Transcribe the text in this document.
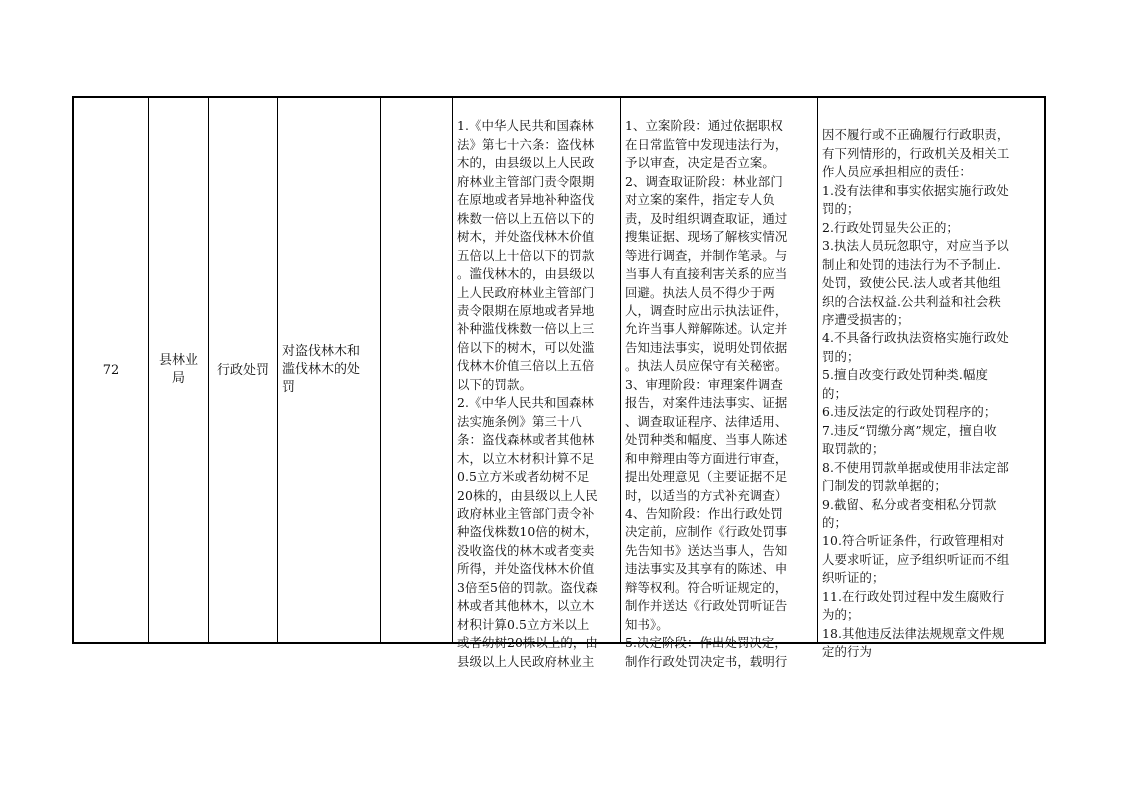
72
县林业
局
行政处罚
对盗伐林木和
滥伐林木的处
罚

1.《中华人民共和国森林
法》第七十六条：盗伐林
木的，由县级以上人民政
府林业主管部门责令限期
在原地或者异地补种盗伐
株数一倍以上五倍以下的
树木，并处盗伐林木价值
五倍以上十倍以下的罚款
。滥伐林木的，由县级以
上人民政府林业主管部门
责令限期在原地或者异地
补种滥伐株数一倍以上三
倍以下的树木，可以处滥
伐林木价值三倍以上五倍
以下的罚款。
2.《中华人民共和国森林
法实施条例》第三十八
条：盗伐森林或者其他林
木，以立木材积计算不足
0.5立方米或者幼树不足
20株的，由县级以上人民
政府林业主管部门责令补
种盗伐株数10倍的树木，
没收盗伐的林木或者变卖
所得，并处盗伐林木价值
3倍至5倍的罚款。盗伐森
林或者其他林木，以立木
材积计算0.5立方米以上
或者幼树20株以上的，由
县级以上人民政府林业主

1、立案阶段：通过依据职权
在日常监管中发现违法行为，
予以审查，决定是否立案。
2、调查取证阶段：林业部门
对立案的案件，指定专人负
责，及时组织调查取证，通过
搜集证据、现场了解核实情况
等进行调查，并制作笔录。与
当事人有直接利害关系的应当
回避。执法人员不得少于两
人，调查时应出示执法证件，
允许当事人辩解陈述。认定并
告知违法事实，说明处罚依据
。执法人员应保守有关秘密。
3、审理阶段：审理案件调查
报告，对案件违法事实、证据
、调查取证程序、法律适用、
处罚种类和幅度、当事人陈述
和申辩理由等方面进行审查，
提出处理意见（主要证据不足
时，以适当的方式补充调查）
4、告知阶段：作出行政处罚
决定前，应制作《行政处罚事
先告知书》送达当事人，告知
违法事实及其享有的陈述、申
辩等权利。符合听证规定的，
制作并送达《行政处罚听证告
知书》。
5.决定阶段：作出处罚决定，
制作行政处罚决定书，载明行

因不履行或不正确履行行政职责，
有下列情形的，行政机关及相关工
作人员应承担相应的责任：
1.没有法律和事实依据实施行政处
罚的；
2.行政处罚显失公正的；
3.执法人员玩忽职守，对应当予以
制止和处罚的违法行为不予制止.
处罚，致使公民.法人或者其他组
织的合法权益.公共利益和社会秩
序遭受损害的；
4.不具备行政执法资格实施行政处
罚的；
5.擅自改变行政处罚种类.幅度
的；
6.违反法定的行政处罚程序的；
7.违反“罚缴分离”规定，擅自收
取罚款的；
8.不使用罚款单据或使用非法定部
门制发的罚款单据的；
9.截留、私分或者变相私分罚款
的；
10.符合听证条件，行政管理相对
人要求听证，应予组织听证而不组
织听证的；
11.在行政处罚过程中发生腐败行
为的；
18.其他违反法律法规规章文件规
定的行为
